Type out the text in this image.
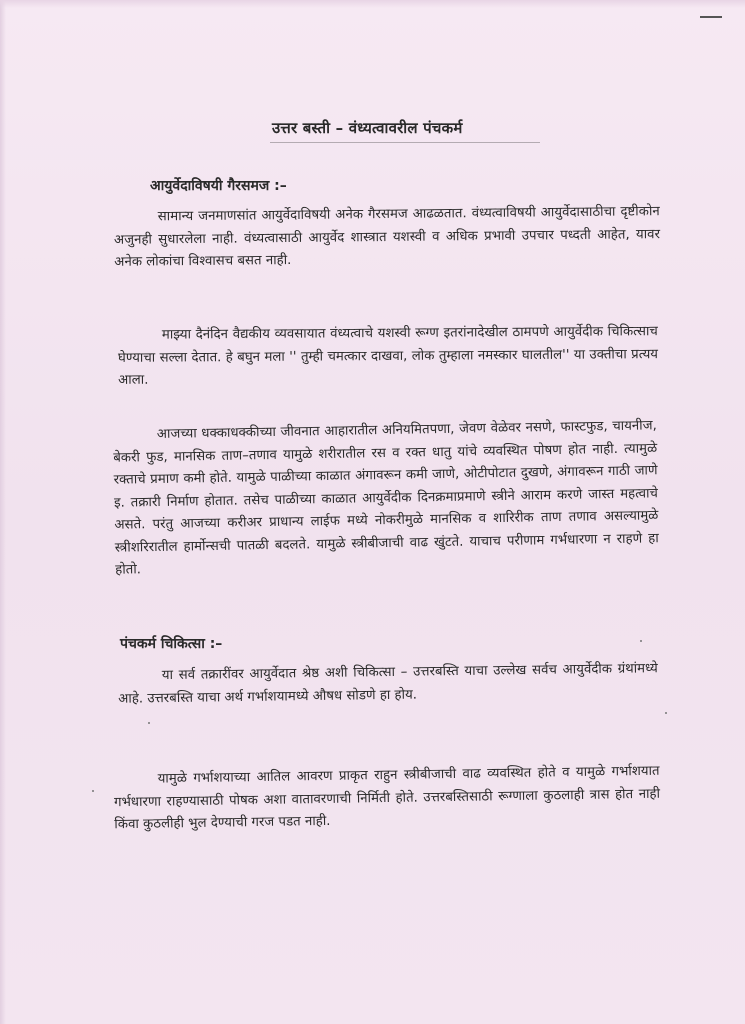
उत्तर बस्ती – वंध्यत्वावरील पंचकर्म
आयुर्वेदाविषयी गैरसमज :–
सामान्य जनमाणसांत आयुर्वेदाविषयी अनेक गैरसमज आढळतात. वंध्यत्वाविषयी आयुर्वेदासाठीचा दृष्टीकोन अजुनही सुधारलेला नाही. वंध्यत्वासाठी आयुर्वेद शास्त्रात यशस्वी व अधिक प्रभावी उपचार पध्दती आहेत, यावर अनेक लोकांचा विश्वासच बसत नाही.
माझ्या दैनंदिन वैद्यकीय व्यवसायात वंध्यत्वाचे यशस्वी रूग्ण इतरांनादेखील ठामपणे आयुर्वेदीक चिकित्साच घेण्याचा सल्ला देतात. हे बघुन मला '' तुम्ही चमत्कार दाखवा, लोक तुम्हाला नमस्कार घालतील'' या उक्तीचा प्रत्यय आला.
आजच्या धक्काधक्कीच्या जीवनात आहारातील अनियमितपणा, जेवण वेळेवर नसणे, फास्टफुड, चायनीज, बेकरी फुड, मानसिक ताण–तणाव यामुळे शरीरातील रस व रक्त धातु यांचे व्यवस्थित पोषण होत नाही. त्यामुळे रक्ताचे प्रमाण कमी होते. यामुळे पाळीच्या काळात अंगावरून कमी जाणे, ओटीपोटात दुखणे, अंगावरून गाठी जाणे इ. तक्रारी निर्माण होतात. तसेच पाळीच्या काळात आयुर्वेदीक दिनक्रमाप्रमाणे स्त्रीने आराम करणे जास्त महत्वाचे असते. परंतु आजच्या करीअर प्राधान्य लाईफ मध्ये नोकरीमुळे मानसिक व शारिरीक ताण तणाव असल्यामुळे स्त्रीशरिरातील हार्मोन्सची पातळी बदलते. यामुळे स्त्रीबीजाची वाढ खुंटते. याचाच परीणाम गर्भधारणा न राहणे हा होतो.
पंचकर्म चिकित्सा :–
या सर्व तक्रारींवर आयुर्वेदात श्रेष्ठ अशी चिकित्सा – उत्तरबस्ति याचा उल्लेख सर्वच आयुर्वेदीक ग्रंथांमध्ये आहे. उत्तरबस्ति याचा अर्थ गर्भाशयामध्ये औषध सोडणे हा होय.
यामुळे गर्भाशयाच्या आतिल आवरण प्राकृत राहुन स्त्रीबीजाची वाढ व्यवस्थित होते व यामुळे गर्भाशयात गर्भधारणा राहण्यासाठी पोषक अशा वातावरणाची निर्मिती होते. उत्तरबस्तिसाठी रूग्णाला कुठलाही त्रास होत नाही किंवा कुठलीही भुल देण्याची गरज पडत नाही.
